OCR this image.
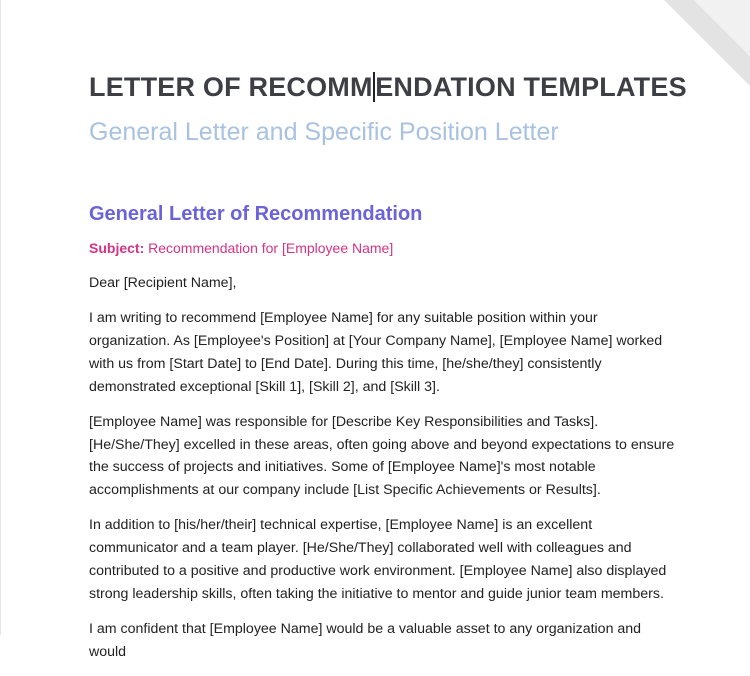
LETTER OF RECOMMENDATION TEMPLATES
General Letter and Specific Position Letter
General Letter of Recommendation
Subject: Recommendation for [Employee Name]

Dear [Recipient Name],

I am writing to recommend [Employee Name] for any suitable position within your organization. As [Employee's Position] at [Your Company Name], [Employee Name] worked with us from [Start Date] to [End Date]. During this time, [he/she/they] consistently demonstrated exceptional [Skill 1], [Skill 2], and [Skill 3].

[Employee Name] was responsible for [Describe Key Responsibilities and Tasks]. [He/She/They] excelled in these areas, often going above and beyond expectations to ensure the success of projects and initiatives. Some of [Employee Name]'s most notable accomplishments at our company include [List Specific Achievements or Results].

In addition to [his/her/their] technical expertise, [Employee Name] is an excellent communicator and a team player. [He/She/They] collaborated well with colleagues and contributed to a positive and productive work environment. [Employee Name] also displayed strong leadership skills, often taking the initiative to mentor and guide junior team members.

I am confident that [Employee Name] would be a valuable asset to any organization and would
